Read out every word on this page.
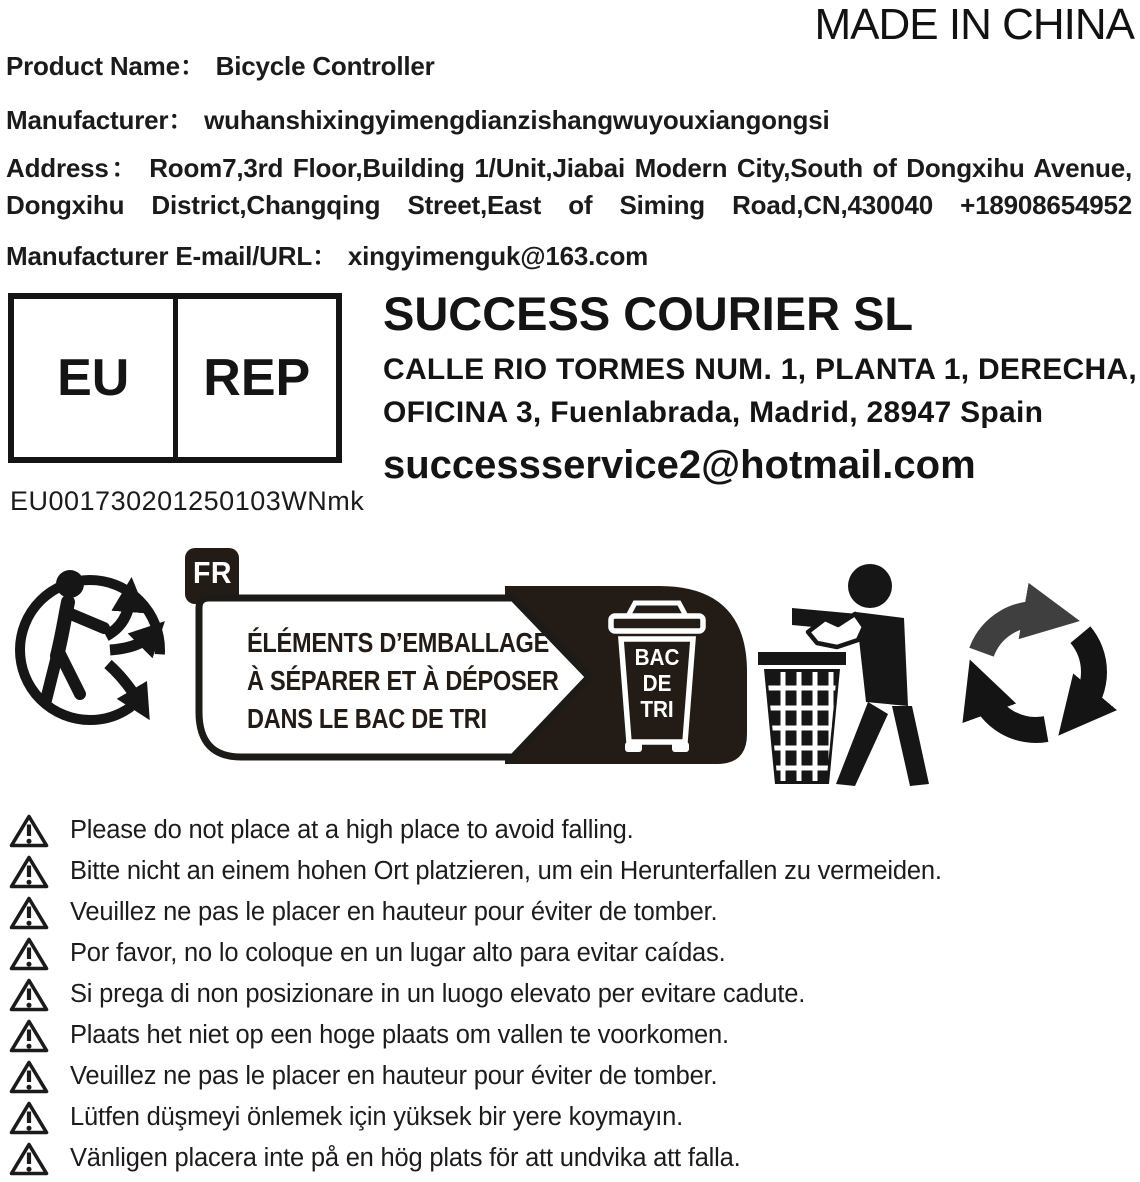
MADE IN CHINA
Product Name： Bicycle Controller
Manufacturer： wuhanshixingyimengdianzishangwuyouxiangongsi
Address： Room7,3rd Floor,Building 1/Unit,Jiabai Modern City,South of Dongxihu Avenue,
Dongxihu District,Changqing Street,East of Siming Road,CN,430040 +18908654952
Manufacturer E-mail/URL： xingyimenguk@163.com
EU	REP
SUCCESS COURIER SL
CALLE RIO TORMES NUM. 1, PLANTA 1, DERECHA,
OFICINA 3, Fuenlabrada, Madrid, 28947 Spain
successservice2@hotmail.com
EU001730201250103WNmk
FR
ÉLÉMENTS D’EMBALLAGE
À SÉPARER ET À DÉPOSER
DANS LE BAC DE TRI
BAC
DE
TRI
Please do not place at a high place to avoid falling.
Bitte nicht an einem hohen Ort platzieren, um ein Herunterfallen zu vermeiden.
Veuillez ne pas le placer en hauteur pour éviter de tomber.
Por favor, no lo coloque en un lugar alto para evitar caídas.
Si prega di non posizionare in un luogo elevato per evitare cadute.
Plaats het niet op een hoge plaats om vallen te voorkomen.
Veuillez ne pas le placer en hauteur pour éviter de tomber.
Lütfen düşmeyi önlemek için yüksek bir yere koymayın.
Vänligen placera inte på en hög plats för att undvika att falla.
